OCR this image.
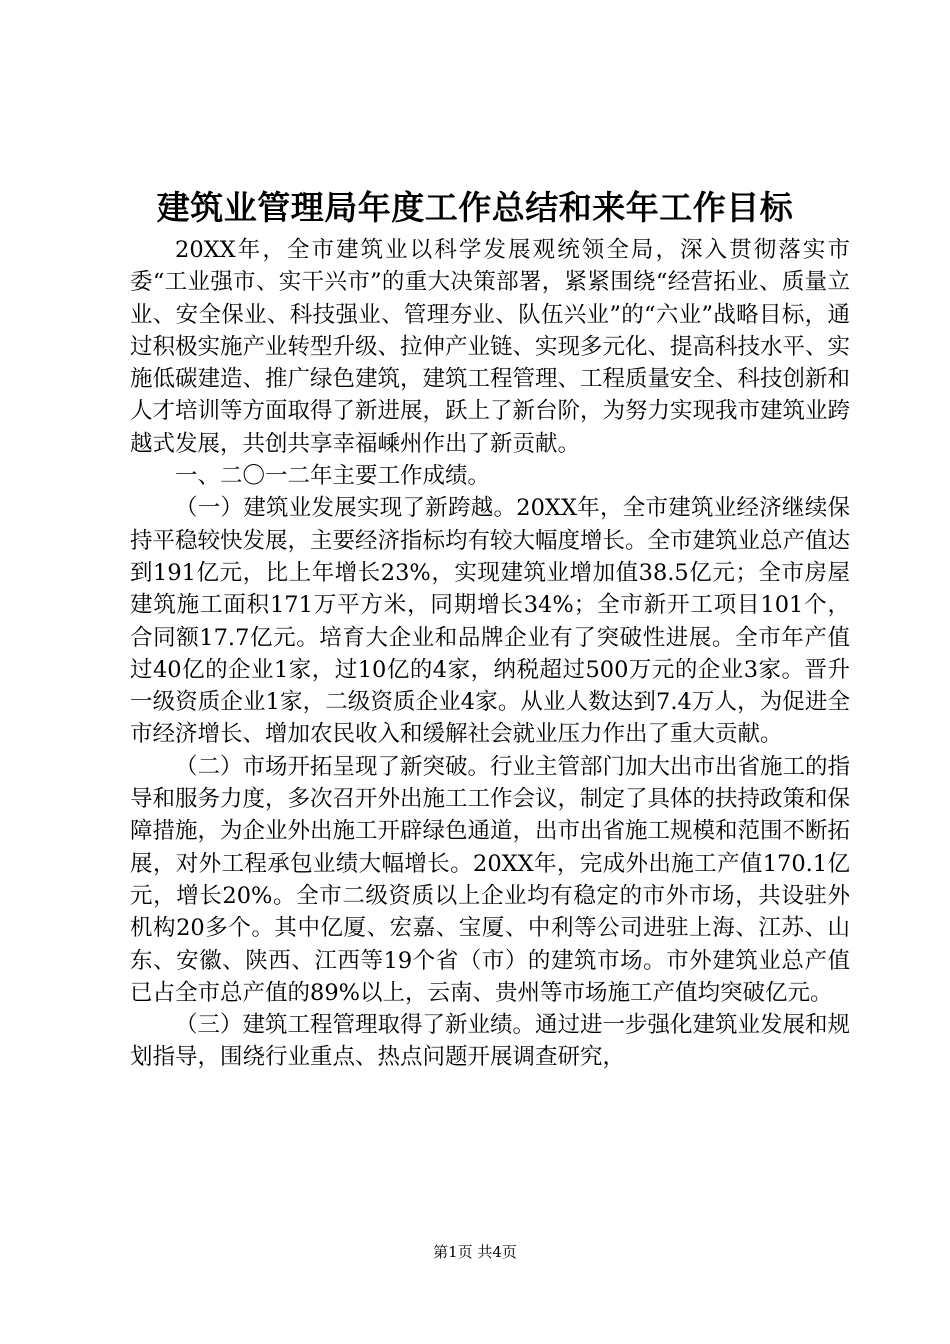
建筑业管理局年度工作总结和来年工作目标

20XX年，全市建筑业以科学发展观统领全局，深入贯彻落实市委“工业强市、实干兴市”的重大决策部署，紧紧围绕“经营拓业、质量立业、安全保业、科技强业、管理夯业、队伍兴业”的“六业”战略目标，通过积极实施产业转型升级、拉伸产业链、实现多元化、提高科技水平、实施低碳建造、推广绿色建筑，建筑工程管理、工程质量安全、科技创新和人才培训等方面取得了新进展，跃上了新台阶，为努力实现我市建筑业跨越式发展，共创共享幸福嵊州作出了新贡献。

一、二〇一二年主要工作成绩。

（一）建筑业发展实现了新跨越。20XX年，全市建筑业经济继续保持平稳较快发展，主要经济指标均有较大幅度增长。全市建筑业总产值达到191亿元，比上年增长23%，实现建筑业增加值38.5亿元；全市房屋建筑施工面积171万平方米，同期增长34%；全市新开工项目101个，合同额17.7亿元。培育大企业和品牌企业有了突破性进展。全市年产值过40亿的企业1家，过10亿的4家，纳税超过500万元的企业3家。晋升一级资质企业1家，二级资质企业4家。从业人数达到7.4万人，为促进全市经济增长、增加农民收入和缓解社会就业压力作出了重大贡献。

（二）市场开拓呈现了新突破。行业主管部门加大出市出省施工的指导和服务力度，多次召开外出施工工作会议，制定了具体的扶持政策和保障措施，为企业外出施工开辟绿色通道，出市出省施工规模和范围不断拓展，对外工程承包业绩大幅增长。20XX年，完成外出施工产值170.1亿元，增长20%。全市二级资质以上企业均有稳定的市外市场，共设驻外机构20多个。其中亿厦、宏嘉、宝厦、中利等公司进驻上海、江苏、山东、安徽、陕西、江西等19个省（市）的建筑市场。市外建筑业总产值已占全市总产值的89%以上，云南、贵州等市场施工产值均突破亿元。

（三）建筑工程管理取得了新业绩。通过进一步强化建筑业发展和规划指导，围绕行业重点、热点问题开展调查研究，

第1页 共4页
